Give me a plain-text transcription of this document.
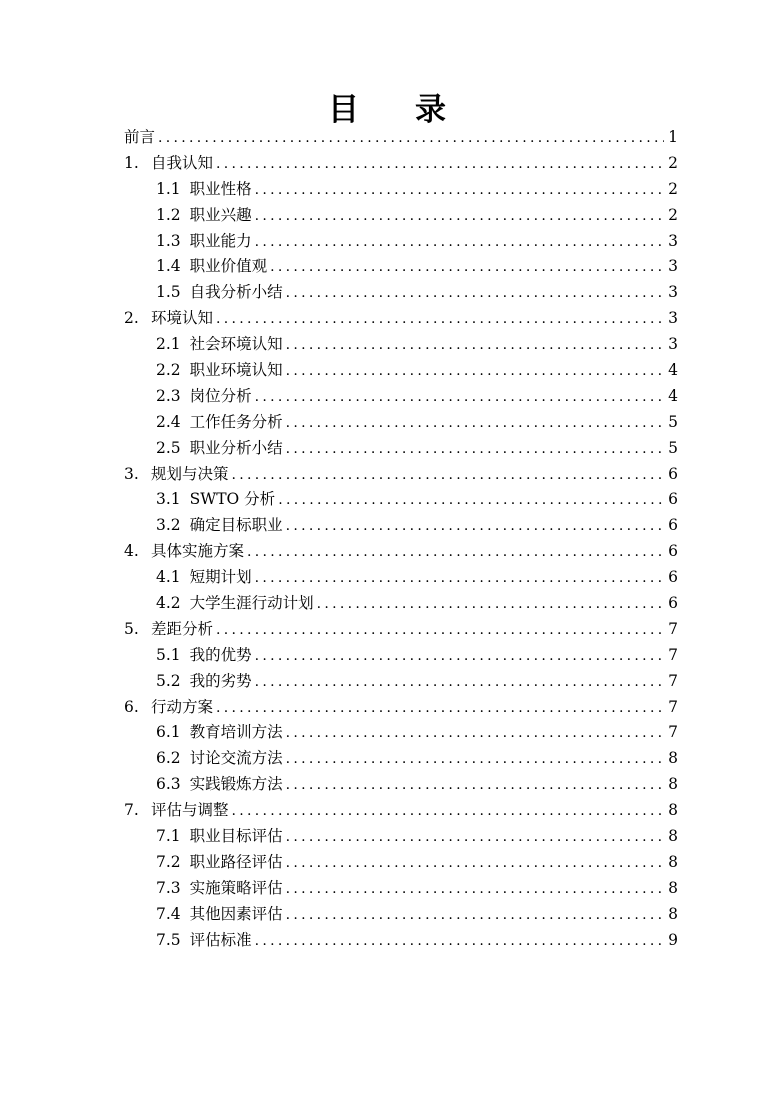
目 录
前言 .....	1
1. 自我认知 .....	2
1.1 职业性格 .....	2
1.2 职业兴趣 .....	2
1.3 职业能力 .....	3
1.4 职业价值观 .....	3
1.5 自我分析小结 .....	3
2. 环境认知 .....	3
2.1 社会环境认知 .....	3
2.2 职业环境认知 .....	4
2.3 岗位分析 .....	4
2.4 工作任务分析 .....	5
2.5 职业分析小结 .....	5
3. 规划与决策 .....	6
3.1 SWTO 分析 .....	6
3.2 确定目标职业 .....	6
4. 具体实施方案 .....	6
4.1 短期计划 .....	6
4.2 大学生涯行动计划 .....	6
5. 差距分析 .....	7
5.1 我的优势 .....	7
5.2 我的劣势 .....	7
6. 行动方案 .....	7
6.1 教育培训方法 .....	7
6.2 讨论交流方法 .....	8
6.3 实践锻炼方法 .....	8
7. 评估与调整 .....	8
7.1 职业目标评估 .....	8
7.2 职业路径评估 .....	8
7.3 实施策略评估 .....	8
7.4 其他因素评估 .....	8
7.5 评估标准 .....	9
